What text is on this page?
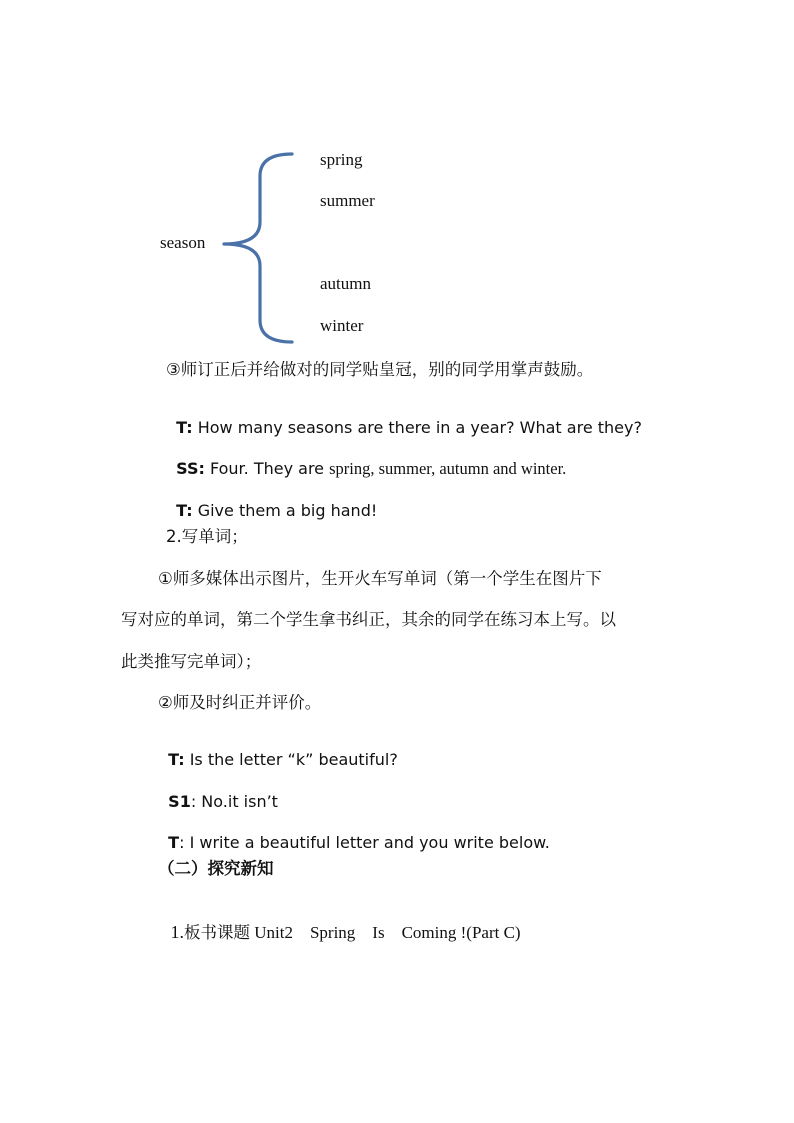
season
spring
summer
autumn
winter
③师订正后并给做对的同学贴皇冠，别的同学用掌声鼓励。

T: How many seasons are there in a year? What are they?

SS: Four. They are spring, summer, autumn and winter.

T: Give them a big hand!

2.写单词；
①师多媒体出示图片，生开火车写单词（第一个学生在图片下
写对应的单词，第二个学生拿书纠正，其余的同学在练习本上写。以
此类推写完单词）；
②师及时纠正并评价。

T: Is the letter “k” beautiful?

S1: No.it isn’t

T: I write a beautiful letter and you write below.

（二）探究新知

1.板书课题 Unit2    Spring    Is    Coming !(Part C)
